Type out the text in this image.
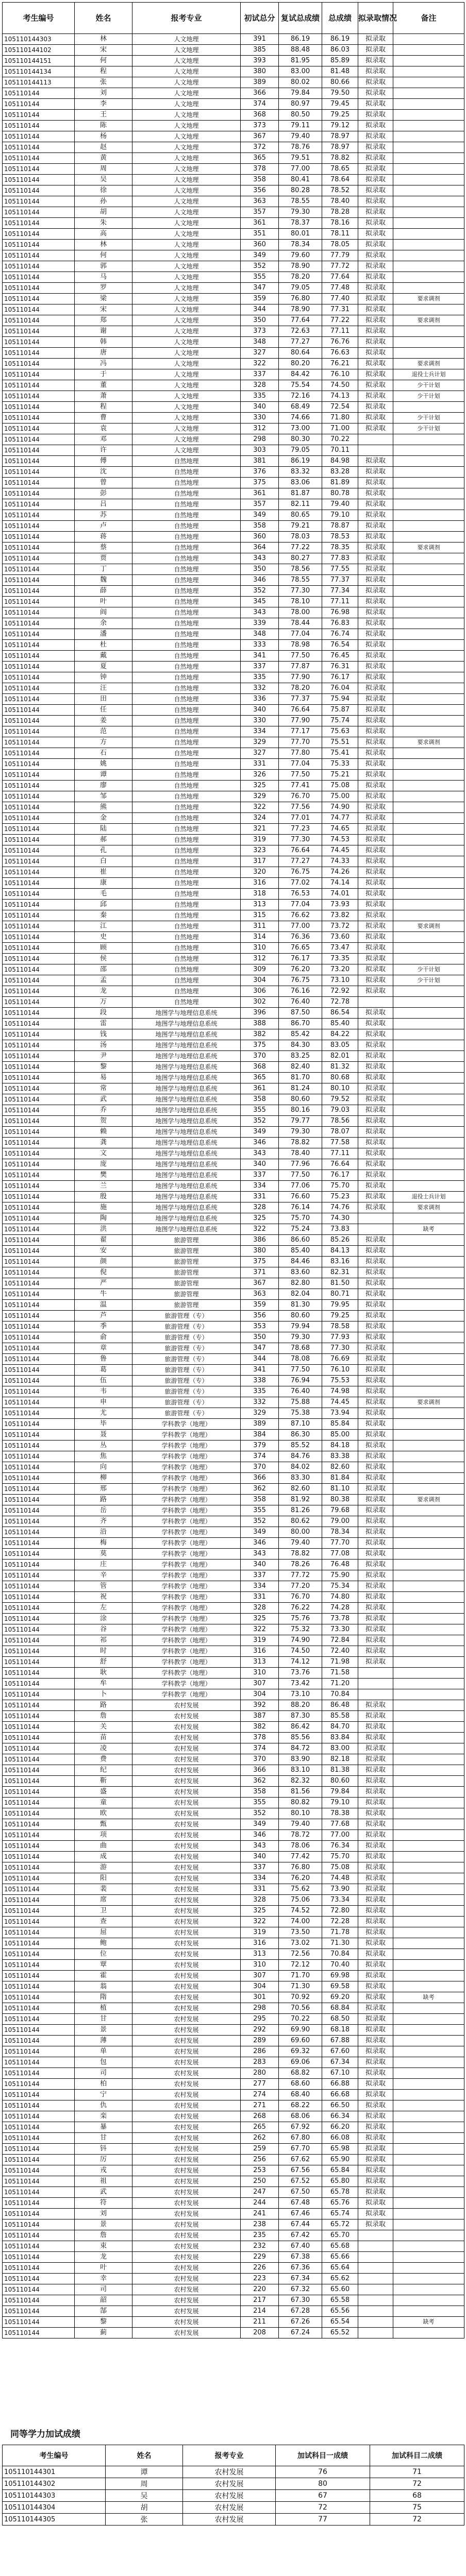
考生编号	姓名	报考专业	初试总分	复试总成绩	总成绩	拟录取情况	备注
105110144303	林	人文地理	391	86.19	86.19	拟录取	
105110144102	宋	人文地理	385	88.48	86.03	拟录取	
105110144151	何	人文地理	393	81.95	85.89	拟录取	
105110144134	程	人文地理	380	83.00	81.48	拟录取	
105110144113	张	人文地理	389	80.02	80.66	拟录取	
105110144	刘	人文地理	366	79.84	79.50	拟录取	
105110144	李	人文地理	374	80.97	79.45	拟录取	
105110144	王	人文地理	368	80.50	79.25	拟录取	
105110144	陈	人文地理	373	79.11	79.12	拟录取	
105110144	杨	人文地理	367	79.40	78.97	拟录取	
105110144	赵	人文地理	372	78.76	78.97	拟录取	
105110144	黄	人文地理	365	79.51	78.82	拟录取	
105110144	周	人文地理	378	77.00	78.65	拟录取	
105110144	吴	人文地理	358	80.41	78.64	拟录取	
105110144	徐	人文地理	356	80.28	78.52	拟录取	
105110144	孙	人文地理	363	78.55	78.40	拟录取	
105110144	胡	人文地理	357	79.30	78.28	拟录取	
105110144	朱	人文地理	361	78.37	78.16	拟录取	
105110144	高	人文地理	351	80.01	78.11	拟录取	
105110144	林	人文地理	360	78.34	78.05	拟录取	
105110144	何	人文地理	349	79.60	77.79	拟录取	
105110144	郭	人文地理	352	78.90	77.72	拟录取	
105110144	马	人文地理	355	78.20	77.64	拟录取	
105110144	罗	人文地理	347	79.05	77.48	拟录取	
105110144	梁	人文地理	359	76.80	77.40	拟录取	要求调剂
105110144	宋	人文地理	344	78.90	77.31	拟录取	
105110144	郑	人文地理	350	77.64	77.22	拟录取	要求调剂
105110144	谢	人文地理	373	72.63	77.11	拟录取	
105110144	韩	人文地理	348	77.27	76.76	拟录取	
105110144	唐	人文地理	327	80.64	76.63	拟录取	
105110144	冯	人文地理	322	80.20	76.21	拟录取	要求调剂
105110144	于	人文地理	337	84.42	76.10	拟录取	退役士兵计划
105110144	董	人文地理	328	75.54	74.50	拟录取	少干计划
105110144	萧	人文地理	335	72.16	74.13	拟录取	少干计划
105110144	程	人文地理	340	68.49	72.54	拟录取	
105110144	曹	人文地理	330	74.66	71.80	拟录取	少干计划
105110144	袁	人文地理	312	73.00	71.00	拟录取	少干计划
105110144	邓	人文地理	298	80.30	70.22		
105110144	许	人文地理	303	79.05	70.11		
105110144	傅	自然地理	381	86.19	84.98	拟录取	
105110144	沈	自然地理	376	83.32	83.28	拟录取	
105110144	曾	自然地理	375	83.06	81.89	拟录取	
105110144	彭	自然地理	361	81.87	80.78	拟录取	
105110144	吕	自然地理	357	82.11	79.40	拟录取	
105110144	苏	自然地理	349	80.65	79.10	拟录取	
105110144	卢	自然地理	358	79.21	78.87	拟录取	
105110144	蒋	自然地理	360	78.03	78.53	拟录取	
105110144	蔡	自然地理	364	77.22	78.35	拟录取	要求调剂
105110144	贾	自然地理	343	80.27	77.83	拟录取	
105110144	丁	自然地理	350	78.56	77.55	拟录取	
105110144	魏	自然地理	346	78.55	77.37	拟录取	
105110144	薛	自然地理	352	77.30	77.34	拟录取	
105110144	叶	自然地理	345	78.10	77.11	拟录取	
105110144	阎	自然地理	343	78.00	76.98	拟录取	
105110144	余	自然地理	339	78.44	76.83	拟录取	
105110144	潘	自然地理	348	77.04	76.74	拟录取	
105110144	杜	自然地理	333	78.98	76.54	拟录取	
105110144	戴	自然地理	341	77.50	76.45	拟录取	
105110144	夏	自然地理	337	77.87	76.31	拟录取	
105110144	钟	自然地理	335	77.90	76.17	拟录取	
105110144	汪	自然地理	332	78.20	76.04	拟录取	
105110144	田	自然地理	336	77.37	75.94	拟录取	
105110144	任	自然地理	340	76.64	75.87	拟录取	
105110144	姜	自然地理	330	77.90	75.74	拟录取	
105110144	范	自然地理	334	77.17	75.63	拟录取	
105110144	方	自然地理	329	77.70	75.51	拟录取	要求调剂
105110144	石	自然地理	327	77.80	75.41	拟录取	
105110144	姚	自然地理	331	77.04	75.33	拟录取	
105110144	谭	自然地理	326	77.50	75.21	拟录取	
105110144	廖	自然地理	325	77.41	75.08	拟录取	
105110144	邹	自然地理	329	76.70	75.00	拟录取	
105110144	熊	自然地理	322	77.56	74.90	拟录取	
105110144	金	自然地理	324	77.01	74.77	拟录取	
105110144	陆	自然地理	321	77.23	74.65	拟录取	
105110144	郝	自然地理	319	77.30	74.53	拟录取	
105110144	孔	自然地理	323	76.64	74.45	拟录取	
105110144	白	自然地理	317	77.27	74.33	拟录取	
105110144	崔	自然地理	320	76.75	74.26	拟录取	
105110144	康	自然地理	316	77.02	74.14	拟录取	
105110144	毛	自然地理	318	76.53	74.01	拟录取	
105110144	邱	自然地理	313	77.04	73.93	拟录取	
105110144	秦	自然地理	315	76.62	73.82	拟录取	
105110144	江	自然地理	311	77.00	73.72	拟录取	要求调剂
105110144	史	自然地理	314	76.36	73.60	拟录取	
105110144	顾	自然地理	310	76.65	73.47	拟录取	
105110144	侯	自然地理	312	76.17	73.35	拟录取	
105110144	邵	自然地理	309	76.20	73.20	拟录取	少干计划
105110144	孟	自然地理	304	76.75	73.10	拟录取	少干计划
105110144	龙	自然地理	306	76.16	72.92	拟录取	
105110144	万	自然地理	302	76.40	72.78		
105110144	段	地图学与地理信息系统	396	87.50	86.54	拟录取	
105110144	雷	地图学与地理信息系统	388	86.70	85.40	拟录取	
105110144	钱	地图学与地理信息系统	382	85.42	84.22	拟录取	
105110144	汤	地图学与地理信息系统	375	84.30	83.05	拟录取	
105110144	尹	地图学与地理信息系统	370	83.25	82.01	拟录取	
105110144	黎	地图学与地理信息系统	368	82.40	81.32	拟录取	
105110144	易	地图学与地理信息系统	365	81.70	80.68	拟录取	
105110144	常	地图学与地理信息系统	361	81.24	80.10	拟录取	
105110144	武	地图学与地理信息系统	358	80.60	79.52	拟录取	
105110144	乔	地图学与地理信息系统	355	80.16	79.03	拟录取	
105110144	贺	地图学与地理信息系统	352	79.77	78.56	拟录取	
105110144	赖	地图学与地理信息系统	349	79.30	78.07	拟录取	
105110144	龚	地图学与地理信息系统	346	78.82	77.58	拟录取	
105110144	文	地图学与地理信息系统	343	78.40	77.11	拟录取	
105110144	庞	地图学与地理信息系统	340	77.96	76.64	拟录取	
105110144	樊	地图学与地理信息系统	337	77.50	76.17	拟录取	
105110144	兰	地图学与地理信息系统	334	77.06	75.70	拟录取	
105110144	殷	地图学与地理信息系统	331	76.60	75.23	拟录取	退役士兵计划
105110144	施	地图学与地理信息系统	328	76.14	74.76	拟录取	要求调剂
105110144	陶	地图学与地理信息系统	325	75.70	74.30		
105110144	洪	地图学与地理信息系统	322	75.24	73.83		缺考
105110144	翟	旅游管理	386	86.60	85.26	拟录取	
105110144	安	旅游管理	380	85.40	84.13	拟录取	
105110144	颜	旅游管理	375	84.46	83.16	拟录取	
105110144	倪	旅游管理	371	83.60	82.31	拟录取	
105110144	严	旅游管理	367	82.80	81.50	拟录取	
105110144	牛	旅游管理	363	82.04	80.71	拟录取	
105110144	温	旅游管理	359	81.30	79.95	拟录取	
105110144	芦	旅游管理（专）	356	80.60	79.25	拟录取	
105110144	季	旅游管理（专）	353	79.94	78.58	拟录取	
105110144	俞	旅游管理（专）	350	79.30	77.93	拟录取	
105110144	章	旅游管理（专）	347	78.68	77.30	拟录取	
105110144	鲁	旅游管理（专）	344	78.08	76.69	拟录取	
105110144	葛	旅游管理（专）	341	77.50	76.10	拟录取	
105110144	伍	旅游管理（专）	338	76.94	75.53	拟录取	
105110144	韦	旅游管理（专）	335	76.40	74.98	拟录取	
105110144	申	旅游管理（专）	332	75.88	74.45	拟录取	要求调剂
105110144	尤	旅游管理（专）	329	75.38	73.94	拟录取	
105110144	毕	学科教学（地理）	389	87.10	85.84	拟录取	
105110144	聂	学科教学（地理）	384	86.30	85.00	拟录取	
105110144	丛	学科教学（地理）	379	85.52	84.18	拟录取	
105110144	焦	学科教学（地理）	374	84.76	83.38	拟录取	
105110144	向	学科教学（地理）	370	84.02	82.60	拟录取	
105110144	柳	学科教学（地理）	366	83.30	81.84	拟录取	
105110144	邢	学科教学（地理）	362	82.60	81.10	拟录取	
105110144	路	学科教学（地理）	358	81.92	80.38	拟录取	要求调剂
105110144	岳	学科教学（地理）	355	81.26	79.68	拟录取	
105110144	齐	学科教学（地理）	352	80.62	79.00	拟录取	
105110144	沿	学科教学（地理）	349	80.00	78.34	拟录取	
105110144	梅	学科教学（地理）	346	79.40	77.70	拟录取	
105110144	莫	学科教学（地理）	343	78.82	77.08	拟录取	
105110144	庄	学科教学（地理）	340	78.26	76.48	拟录取	
105110144	辛	学科教学（地理）	337	77.72	75.90	拟录取	
105110144	管	学科教学（地理）	334	77.20	75.34	拟录取	
105110144	祝	学科教学（地理）	331	76.70	74.80	拟录取	
105110144	左	学科教学（地理）	328	76.22	74.28	拟录取	
105110144	涂	学科教学（地理）	325	75.76	73.78	拟录取	
105110144	谷	学科教学（地理）	322	75.32	73.30	拟录取	
105110144	祁	学科教学（地理）	319	74.90	72.84	拟录取	
105110144	时	学科教学（地理）	316	74.50	72.40	拟录取	
105110144	舒	学科教学（地理）	313	74.12	71.98	拟录取	
105110144	耿	学科教学（地理）	310	73.76	71.58		
105110144	牟	学科教学（地理）	307	73.42	71.20		
105110144	卜	学科教学（地理）	304	73.10	70.84		
105110144	路	农村发展	392	88.20	86.48	拟录取	
105110144	詹	农村发展	387	87.30	85.58	拟录取	
105110144	关	农村发展	382	86.42	84.70	拟录取	
105110144	苗	农村发展	378	85.56	83.84	拟录取	
105110144	凌	农村发展	374	84.72	83.00	拟录取	
105110144	费	农村发展	370	83.90	82.18	拟录取	
105110144	纪	农村发展	366	83.10	81.38	拟录取	
105110144	靳	农村发展	362	82.32	80.60	拟录取	
105110144	盛	农村发展	358	81.56	79.84	拟录取	
105110144	童	农村发展	355	80.82	79.10	拟录取	
105110144	欧	农村发展	352	80.10	78.38	拟录取	
105110144	甄	农村发展	349	79.40	77.68	拟录取	
105110144	项	农村发展	346	78.72	77.00	拟录取	
105110144	曲	农村发展	343	78.06	76.34	拟录取	
105110144	成	农村发展	340	77.42	75.70	拟录取	
105110144	游	农村发展	337	76.80	75.08	拟录取	
105110144	阳	农村发展	334	76.20	74.48	拟录取	
105110144	裴	农村发展	331	75.62	73.90	拟录取	
105110144	席	农村发展	328	75.06	73.34	拟录取	
105110144	卫	农村发展	325	74.52	72.80	拟录取	
105110144	查	农村发展	322	74.00	72.28	拟录取	
105110144	屈	农村发展	319	73.50	71.78	拟录取	
105110144	鲍	农村发展	316	73.02	71.30	拟录取	
105110144	位	农村发展	313	72.56	70.84	拟录取	
105110144	覃	农村发展	310	72.12	70.40	拟录取	
105110144	霍	农村发展	307	71.70	69.98	拟录取	
105110144	翁	农村发展	304	71.30	69.58	拟录取	
105110144	隋	农村发展	301	70.92	69.20	拟录取	缺考
105110144	植	农村发展	298	70.56	68.84	拟录取	
105110144	甘	农村发展	295	70.22	68.50	拟录取	
105110144	景	农村发展	292	69.90	68.18	拟录取	
105110144	薄	农村发展	289	69.60	67.88	拟录取	
105110144	单	农村发展	286	69.32	67.60	拟录取	
105110144	包	农村发展	283	69.06	67.34	拟录取	
105110144	司	农村发展	280	68.82	67.10	拟录取	
105110144	柏	农村发展	277	68.60	66.88	拟录取	
105110144	宁	农村发展	274	68.40	66.68	拟录取	
105110144	仇	农村发展	271	68.22	66.50	拟录取	
105110144	栾	农村发展	268	68.06	66.34	拟录取	
105110144	暴	农村发展	265	67.92	66.20	拟录取	
105110144	甘	农村发展	262	67.80	66.08	拟录取	
105110144	钭	农村发展	259	67.70	65.98	拟录取	
105110144	厉	农村发展	256	67.62	65.90	拟录取	
105110144	戎	农村发展	253	67.56	65.84	拟录取	
105110144	祖	农村发展	250	67.52	65.80	拟录取	
105110144	武	农村发展	247	67.50	65.78	拟录取	
105110144	符	农村发展	244	67.48	65.76	拟录取	
105110144	刘	农村发展	241	67.46	65.74	拟录取	
105110144	景	农村发展	238	67.44	65.72	拟录取	
105110144	詹	农村发展	235	67.42	65.70		
105110144	束	农村发展	232	67.40	65.68		
105110144	龙	农村发展	229	67.38	65.66		
105110144	叶	农村发展	226	67.36	65.64		
105110144	幸	农村发展	223	67.34	65.62		
105110144	司	农村发展	220	67.32	65.60		
105110144	韶	农村发展	217	67.30	65.58		
105110144	郜	农村发展	214	67.28	65.56		
105110144	黎	农村发展	211	67.26	65.54		缺考
105110144	蓟	农村发展	208	67.24	65.52		
同等学力加试成绩
考生编号	姓名	报考专业	加试科目一成绩	加试科目二成绩
105110144301	谭	农村发展	76	71
105110144302	周	农村发展	80	72
105110144303	吴	农村发展	67	68
105110144304	胡	农村发展	72	75
105110144305	张	农村发展	77	72
